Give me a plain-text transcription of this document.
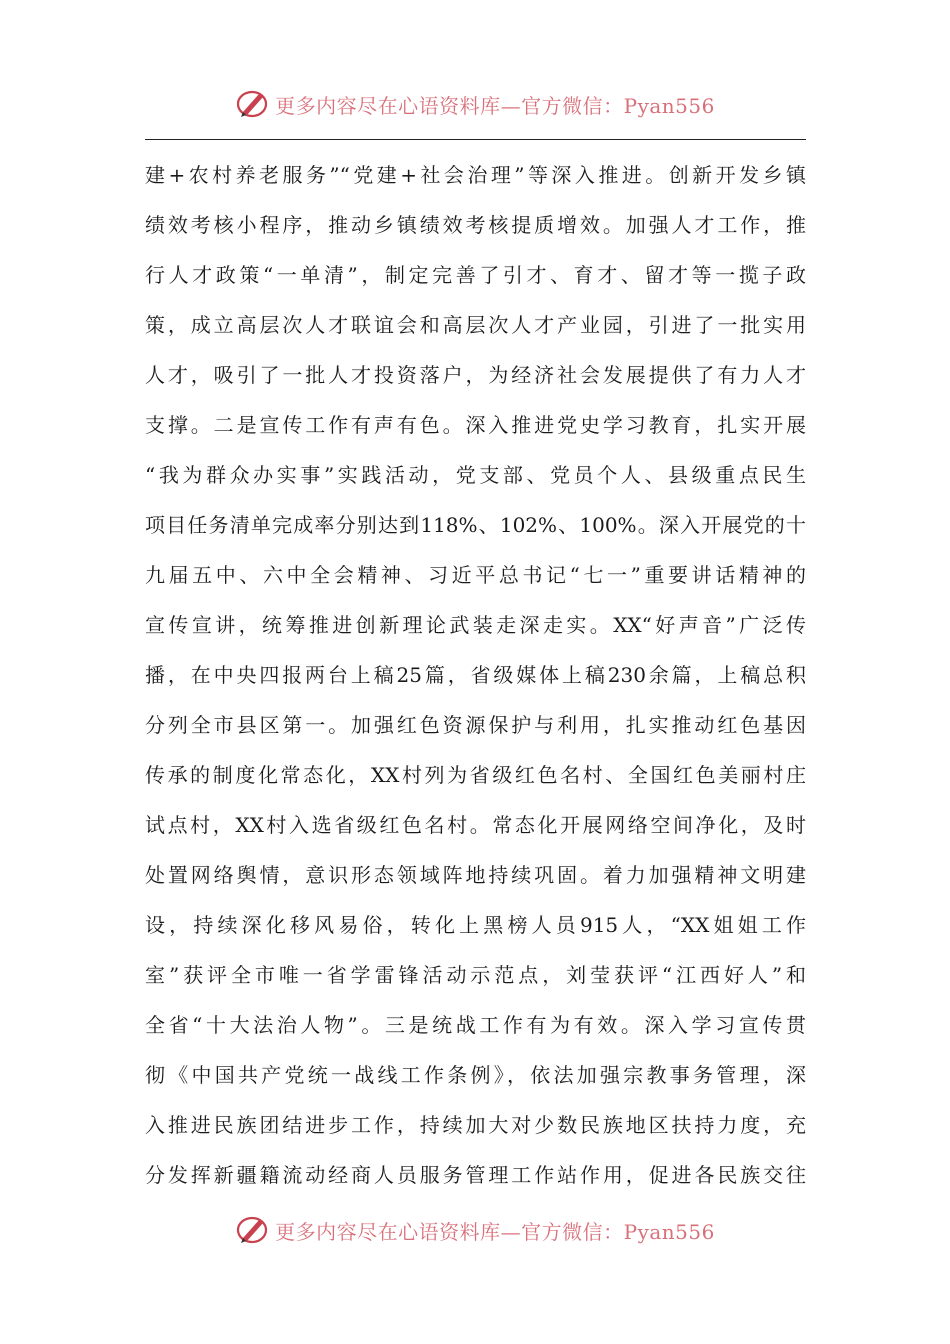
更多内容尽在心语资料库—官方微信：Pyan556
建+农村养老服务”“党建+社会治理”等深入推进。创新开发乡镇
绩效考核小程序，推动乡镇绩效考核提质增效。加强人才工作，推
行人才政策“一单清”，制定完善了引才、育才、留才等一揽子政
策，成立高层次人才联谊会和高层次人才产业园，引进了一批实用
人才，吸引了一批人才投资落户，为经济社会发展提供了有力人才
支撑。二是宣传工作有声有色。深入推进党史学习教育，扎实开展
“我为群众办实事”实践活动，党支部、党员个人、县级重点民生
项目任务清单完成率分别达到118%、102%、100%。深入开展党的十
九届五中、六中全会精神、习近平总书记“七一”重要讲话精神的
宣传宣讲，统筹推进创新理论武装走深走实。XX“好声音”广泛传
播，在中央四报两台上稿25篇，省级媒体上稿230余篇，上稿总积
分列全市县区第一。加强红色资源保护与利用，扎实推动红色基因
传承的制度化常态化，XX村列为省级红色名村、全国红色美丽村庄
试点村，XX村入选省级红色名村。常态化开展网络空间净化，及时
处置网络舆情，意识形态领域阵地持续巩固。着力加强精神文明建
设，持续深化移风易俗，转化上黑榜人员915人，“XX姐姐工作
室”获评全市唯一省学雷锋活动示范点，刘莹获评“江西好人”和
全省“十大法治人物”。三是统战工作有为有效。深入学习宣传贯
彻《中国共产党统一战线工作条例》，依法加强宗教事务管理，深
入推进民族团结进步工作，持续加大对少数民族地区扶持力度，充
分发挥新疆籍流动经商人员服务管理工作站作用，促进各民族交往
更多内容尽在心语资料库—官方微信：Pyan556
